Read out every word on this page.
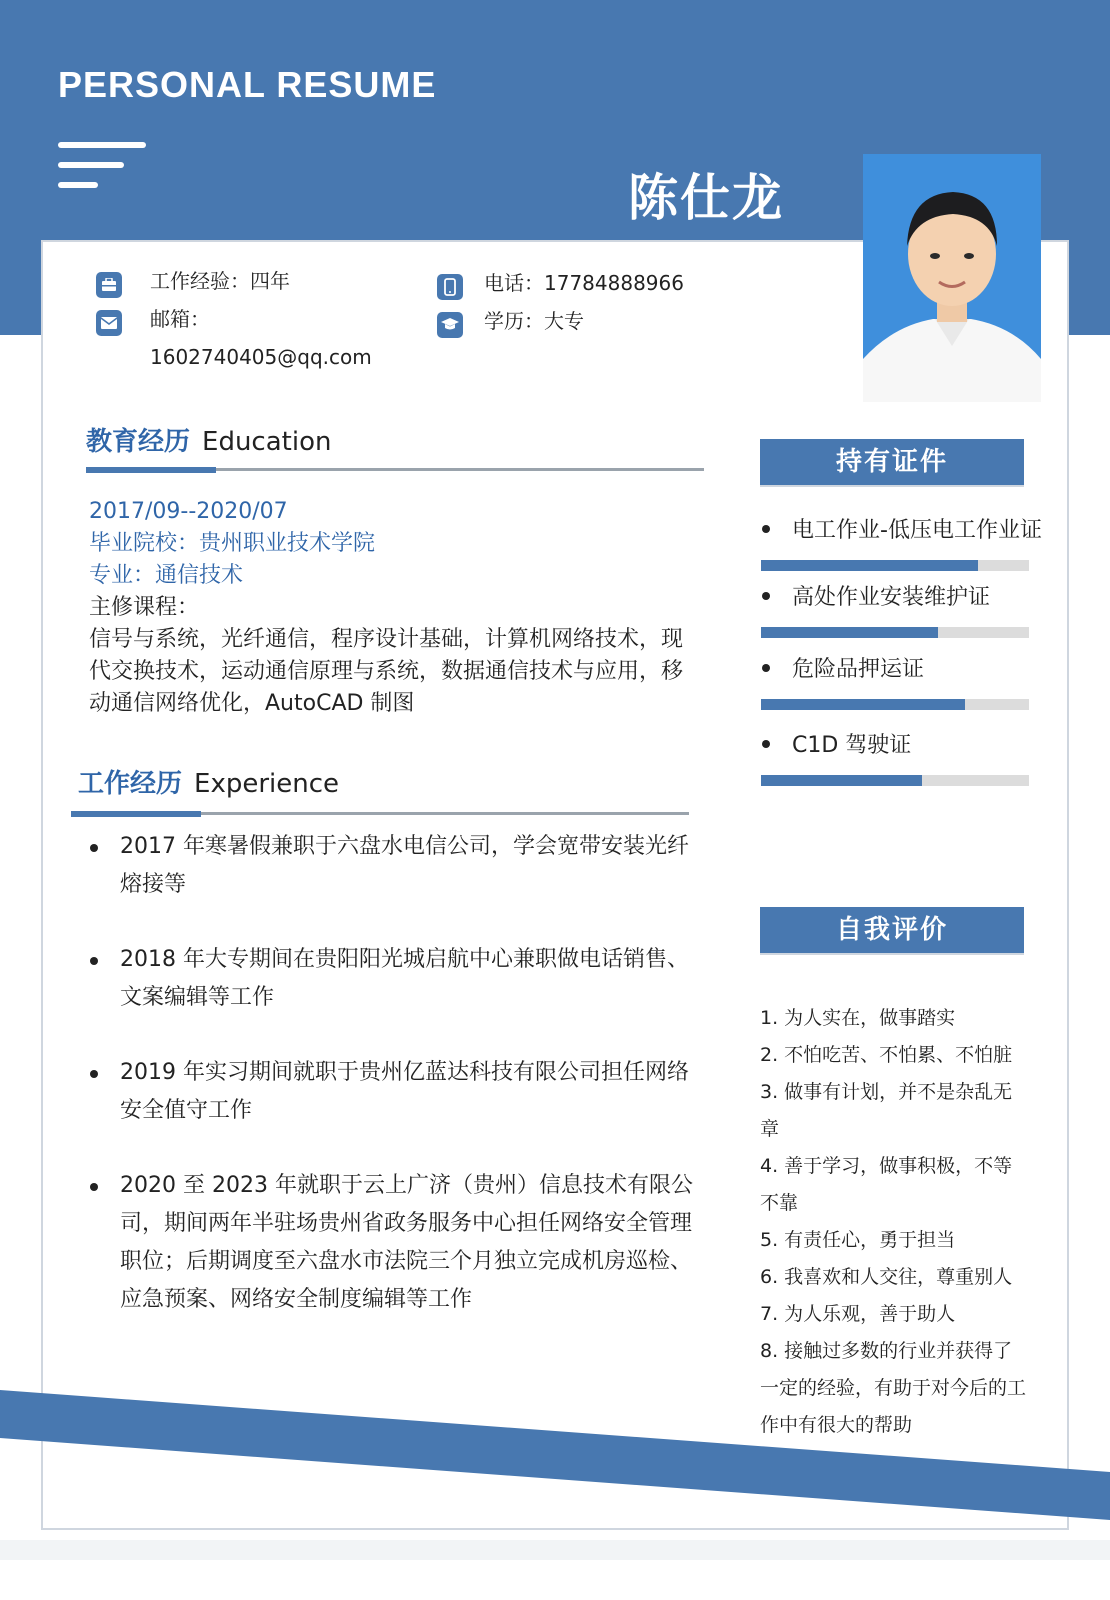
PERSONAL RESUME
陈仕龙
工作经验：四年
邮箱：
1602740405@qq.com
电话：17784888966
学历：大专
教育经历 Education
2017/09--2020/07
毕业院校：贵州职业技术学院
专业：通信技术
主修课程：
信号与系统，光纤通信，程序设计基础，计算机网络技术，现代交换技术，运动通信原理与系统，数据通信技术与应用，移动通信网络优化，AutoCAD 制图
工作经历 Experience
2017 年寒暑假兼职于六盘水电信公司，学会宽带安装光纤熔接等
2018 年大专期间在贵阳阳光城启航中心兼职做电话销售、文案编辑等工作
2019 年实习期间就职于贵州亿蓝达科技有限公司担任网络安全值守工作
2020 至 2023 年就职于云上广济（贵州）信息技术有限公司，期间两年半驻场贵州省政务服务中心担任网络安全管理职位；后期调度至六盘水市法院三个月独立完成机房巡检、应急预案、网络安全制度编辑等工作
持有证件
电工作业-低压电工作业证
高处作业安装维护证
危险品押运证
C1D 驾驶证
自我评价
1. 为人实在，做事踏实
2. 不怕吃苦、不怕累、不怕脏
3. 做事有计划，并不是杂乱无章
4. 善于学习，做事积极，不等不靠
5. 有责任心，勇于担当
6. 我喜欢和人交往，尊重别人
7. 为人乐观，善于助人
8. 接触过多数的行业并获得了一定的经验，有助于对今后的工作中有很大的帮助
